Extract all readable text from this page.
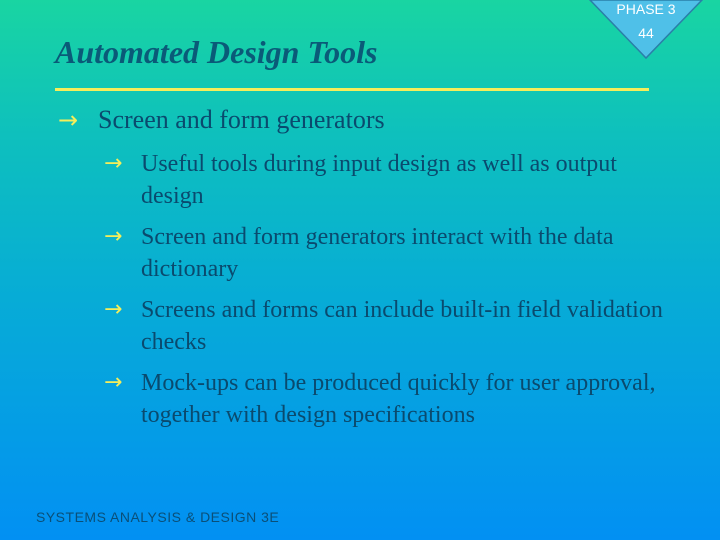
Automated Design Tools
PHASE 3
44
→ Screen and form generators
→ Useful tools during input design as well as output design
→ Screen and form generators interact with the data dictionary
→ Screens and forms can include built-in field validation checks
→ Mock-ups can be produced quickly for user approval, together with design specifications
SYSTEMS ANALYSIS & DESIGN 3E
